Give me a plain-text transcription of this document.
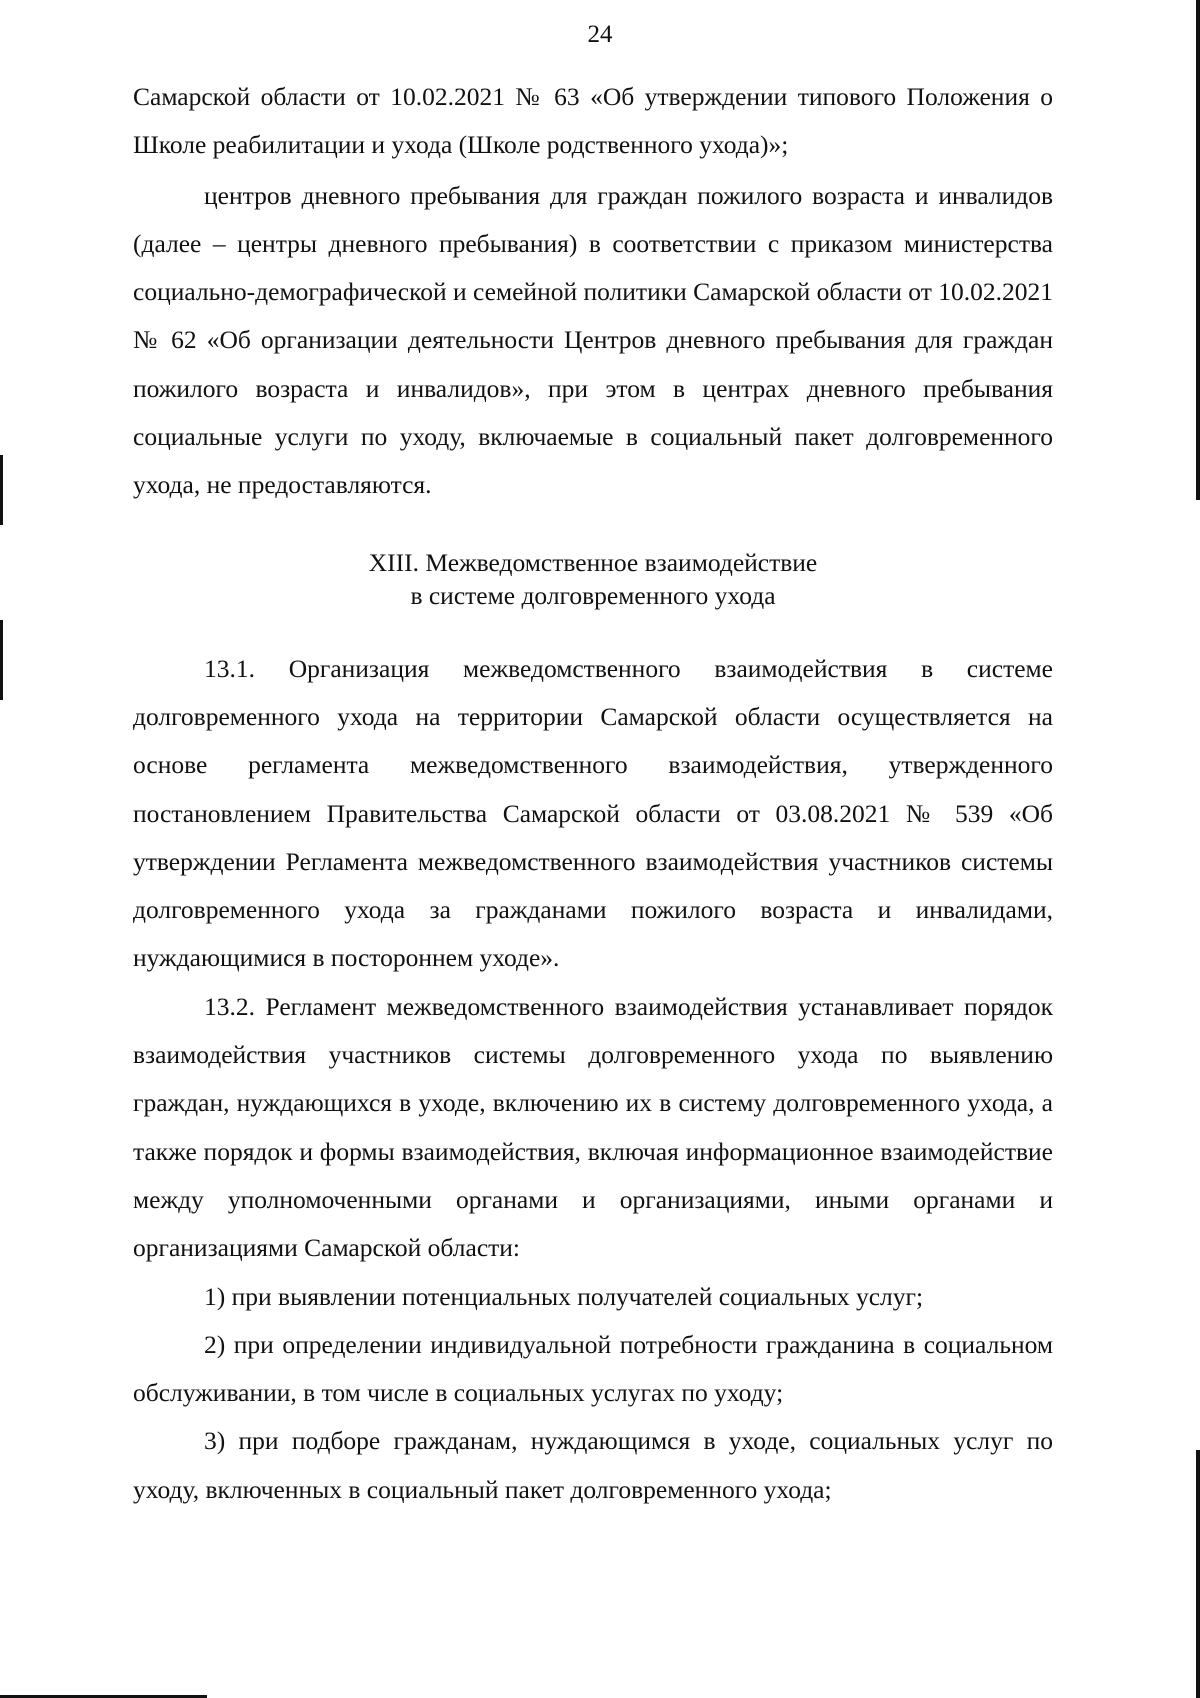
24

Самарской области от 10.02.2021 № 63 «Об утверждении типового Положения о Школе реабилитации и ухода (Школе родственного ухода)»;

центров дневного пребывания для граждан пожилого возраста и инвалидов (далее – центры дневного пребывания) в соответствии с приказом министерства социально-демографической и семейной политики Самарской области от 10.02.2021 № 62 «Об организации деятельности Центров дневного пребывания для граждан пожилого возраста и инвалидов», при этом в центрах дневного пребывания социальные услуги по уходу, включаемые в социальный пакет долговременного ухода, не предоставляются.

XIII. Межведомственное взаимодействие
в системе долговременного ухода

13.1. Организация межведомственного взаимодействия в системе долговременного ухода на территории Самарской области осуществляется на основе регламента межведомственного взаимодействия, утвержденного постановлением Правительства Самарской области от 03.08.2021 № 539 «Об утверждении Регламента межведомственного взаимодействия участников системы долговременного ухода за гражданами пожилого возраста и инвалидами, нуждающимися в постороннем уходе».

13.2. Регламент межведомственного взаимодействия устанавливает порядок взаимодействия участников системы долговременного ухода по выявлению граждан, нуждающихся в уходе, включению их в систему долговременного ухода, а также порядок и формы взаимодействия, включая информационное взаимодействие между уполномоченными органами и организациями, иными органами и организациями Самарской области:

1) при выявлении потенциальных получателей социальных услуг;

2) при определении индивидуальной потребности гражданина в социальном обслуживании, в том числе в социальных услугах по уходу;

3) при подборе гражданам, нуждающимся в уходе, социальных услуг по уходу, включенных в социальный пакет долговременного ухода;
